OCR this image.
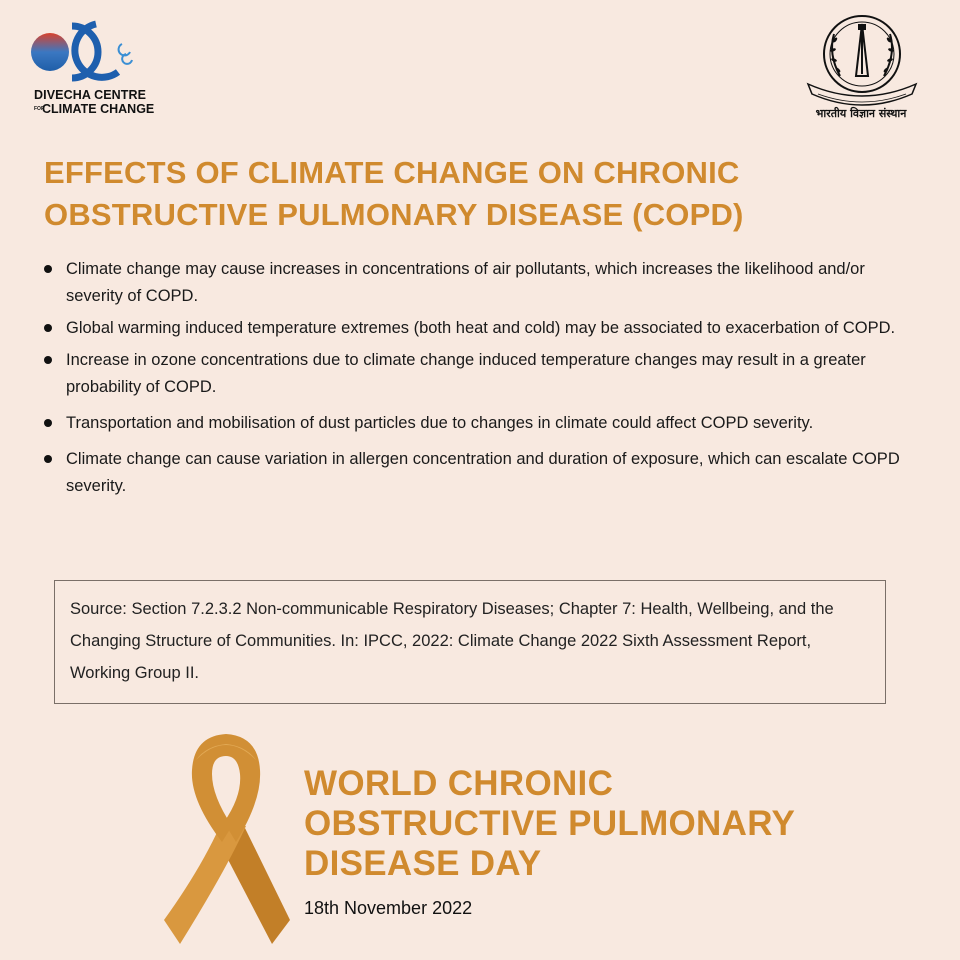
DIVECHA CENTRE
FOR
CLIMATE CHANGE	भारतीय विज्ञान संस्थान
EFFECTS OF CLIMATE CHANGE ON CHRONIC
OBSTRUCTIVE PULMONARY DISEASE (COPD)
Climate change may cause increases in concentrations of air pollutants, which increases the likelihood and/or severity of COPD.
Global warming induced temperature extremes (both heat and cold) may be associated to exacerbation of COPD.
Increase in ozone concentrations due to climate change induced temperature changes may result in a greater probability of COPD.
Transportation and mobilisation of dust particles due to changes in climate could affect COPD severity.
Climate change can cause variation in allergen concentration and duration of exposure, which can escalate COPD severity.
Source: Section 7.2.3.2 Non-communicable Respiratory Diseases; Chapter 7: Health, Wellbeing, and the Changing Structure of Communities. In: IPCC, 2022: Climate Change 2022 Sixth Assessment Report, Working Group II.
WORLD CHRONIC
OBSTRUCTIVE PULMONARY
DISEASE DAY
18th November 2022
